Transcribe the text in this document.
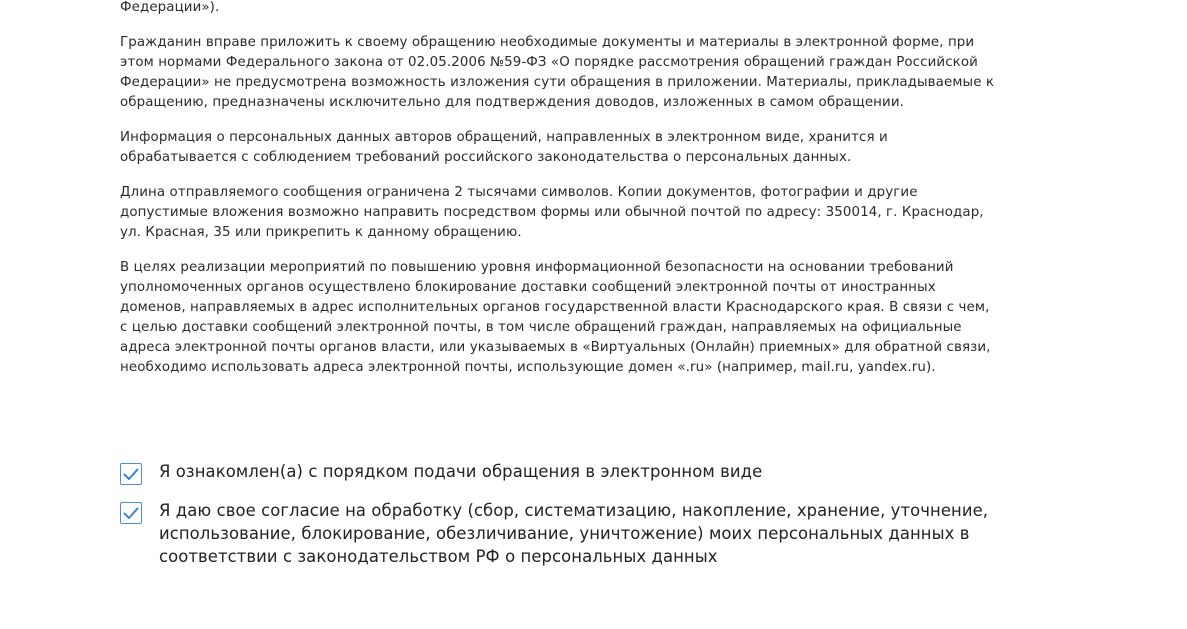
Федерации»).

Гражданин вправе приложить к своему обращению необходимые документы и материалы в электронной форме, при этом нормами Федерального закона от 02.05.2006 №59-ФЗ «О порядке рассмотрения обращений граждан Российской Федерации» не предусмотрена возможность изложения сути обращения в приложении. Материалы, прикладываемые к обращению, предназначены исключительно для подтверждения доводов, изложенных в самом обращении.

Информация о персональных данных авторов обращений, направленных в электронном виде, хранится и обрабатывается с соблюдением требований российского законодательства о персональных данных.

Длина отправляемого сообщения ограничена 2 тысячами символов. Копии документов, фотографии и другие допустимые вложения возможно направить посредством формы или обычной почтой по адресу: 350014, г. Краснодар, ул. Красная, 35 или прикрепить к данному обращению.

В целях реализации мероприятий по повышению уровня информационной безопасности на основании требований уполномоченных органов осуществлено блокирование доставки сообщений электронной почты от иностранных доменов, направляемых в адрес исполнительных органов государственной власти Краснодарского края. В связи с чем, с целью доставки сообщений электронной почты, в том числе обращений граждан, направляемых на официальные адреса электронной почты органов власти, или указываемых в «Виртуальных (Онлайн) приемных» для обратной связи, необходимо использовать адреса электронной почты, использующие домен «.ru» (например, mail.ru, yandex.ru).

Я ознакомлен(а) с порядком подачи обращения в электронном виде
Я даю свое согласие на обработку (сбор, систематизацию, накопление, хранение, уточнение, использование, блокирование, обезличивание, уничтожение) моих персональных данных в соответствии с законодательством РФ о персональных данных
